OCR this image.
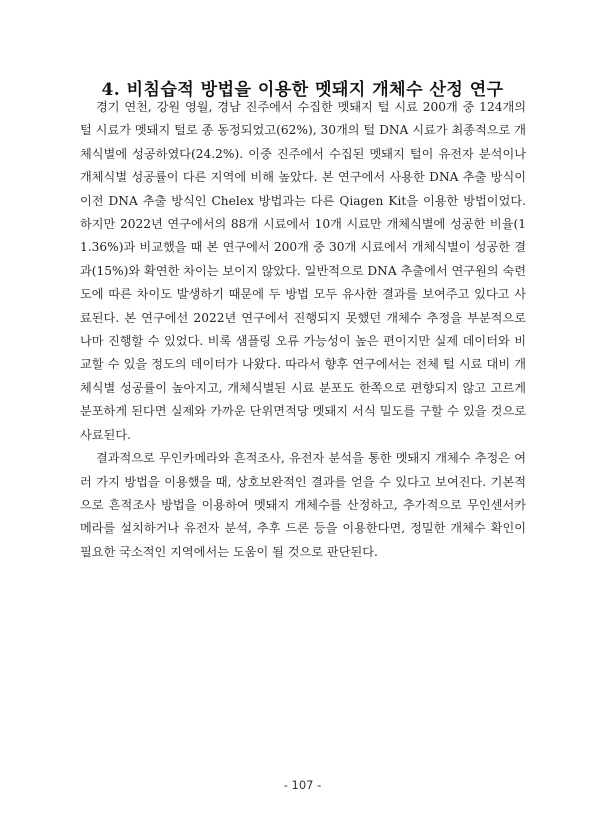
4. 비침습적 방법을 이용한 멧돼지 개체수 산정 연구

경기 연천, 강원 영월, 경남 진주에서 수집한 멧돼지 털 시료 200개 중 124개의 털 시료가 멧돼지 털로 종 동정되었고(62%), 30개의 털 DNA 시료가 최종적으로 개체식별에 성공하였다(24.2%). 이중 진주에서 수집된 멧돼지 털이 유전자 분석이나 개체식별 성공률이 다른 지역에 비해 높았다. 본 연구에서 사용한 DNA 추출 방식이 이전 DNA 추출 방식인 Chelex 방법과는 다른 Qiagen Kit을 이용한 방법이었다. 하지만 2022년 연구에서의 88개 시료에서 10개 시료만 개체식별에 성공한 비율(11.36%)과 비교했을 때 본 연구에서 200개 중 30개 시료에서 개체식별이 성공한 결과(15%)와 확연한 차이는 보이지 않았다. 일반적으로 DNA 추출에서 연구원의 숙련도에 따른 차이도 발생하기 때문에 두 방법 모두 유사한 결과를 보여주고 있다고 사료된다. 본 연구에선 2022년 연구에서 진행되지 못했던 개체수 추정을 부분적으로나마 진행할 수 있었다. 비록 샘플링 오류 가능성이 높은 편이지만 실제 데이터와 비교할 수 있을 정도의 데이터가 나왔다. 따라서 향후 연구에서는 전체 털 시료 대비 개체식별 성공률이 높아지고, 개체식별된 시료 분포도 한쪽으로 편향되지 않고 고르게 분포하게 된다면 실제와 가까운 단위면적당 멧돼지 서식 밀도를 구할 수 있을 것으로 사료된다.

결과적으로 무인카메라와 흔적조사, 유전자 분석을 통한 멧돼지 개체수 추정은 여러 가지 방법을 이용했을 때, 상호보완적인 결과를 얻을 수 있다고 보여진다. 기본적으로 흔적조사 방법을 이용하여 멧돼지 개체수를 산정하고, 추가적으로 무인센서카메라를 설치하거나 유전자 분석, 추후 드론 등을 이용한다면, 정밀한 개체수 확인이 필요한 국소적인 지역에서는 도움이 될 것으로 판단된다.

- 107 -
